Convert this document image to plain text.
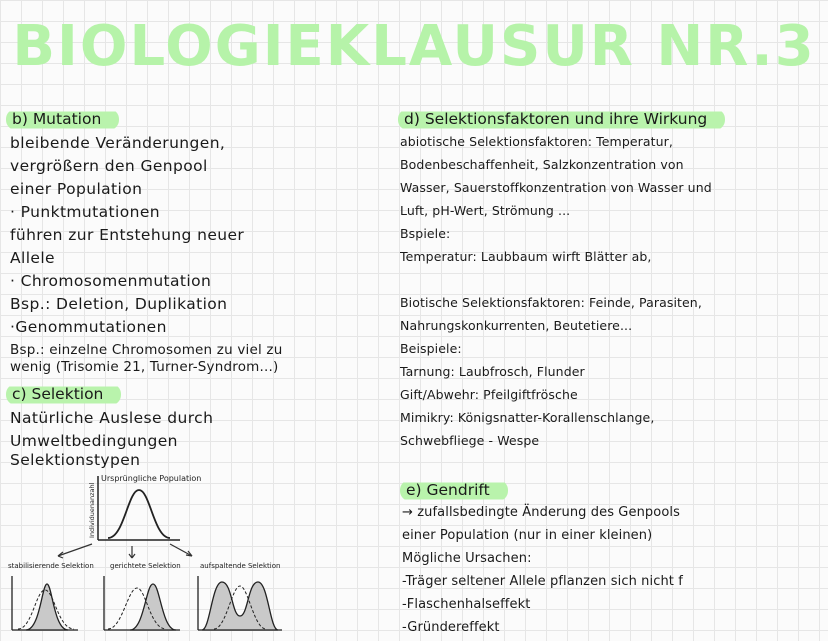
BIOLOGIEKLAUSUR NR.3
b) Mutation
bleibende Veränderungen,
vergrößern den Genpool
einer Population
· Punktmutationen
führen zur Entstehung neuer
Allele
· Chromosomenmutation
Bsp.: Deletion, Duplikation
·Genommutationen
Bsp.: einzelne Chromosomen zu viel zu
wenig (Trisomie 21, Turner-Syndrom...)
c) Selektion
Natürliche Auslese durch
Umweltbedingungen
Selektionstypen
Ursprüngliche Population
Individuenanzahl
stabilisierende Selektion gerichtete Selektion	aufspaltende Selektion
d) Selektionsfaktoren und ihre Wirkung
abiotische Selektionsfaktoren: Temperatur,
Bodenbeschaffenheit, Salzkonzentration von
Wasser, Sauerstoffkonzentration von Wasser und
Luft, pH-Wert, Strömung ...
Bspiele:
Temperatur: Laubbaum wirft Blätter ab,
Biotische Selektionsfaktoren: Feinde, Parasiten,
Nahrungskonkurrenten, Beutetiere...
Beispiele:
Tarnung: Laubfrosch, Flunder
Gift/Abwehr: Pfeilgiftfrösche
Mimikry: Königsnatter-Korallenschlange,
Schwebfliege - Wespe
e) Gendrift
→ zufallsbedingte Änderung des Genpools
einer Population (nur in einer kleinen)
Mögliche Ursachen:
-Träger seltener Allele pflanzen sich nicht f
-Flaschenhalseffekt
-Gründereffekt
